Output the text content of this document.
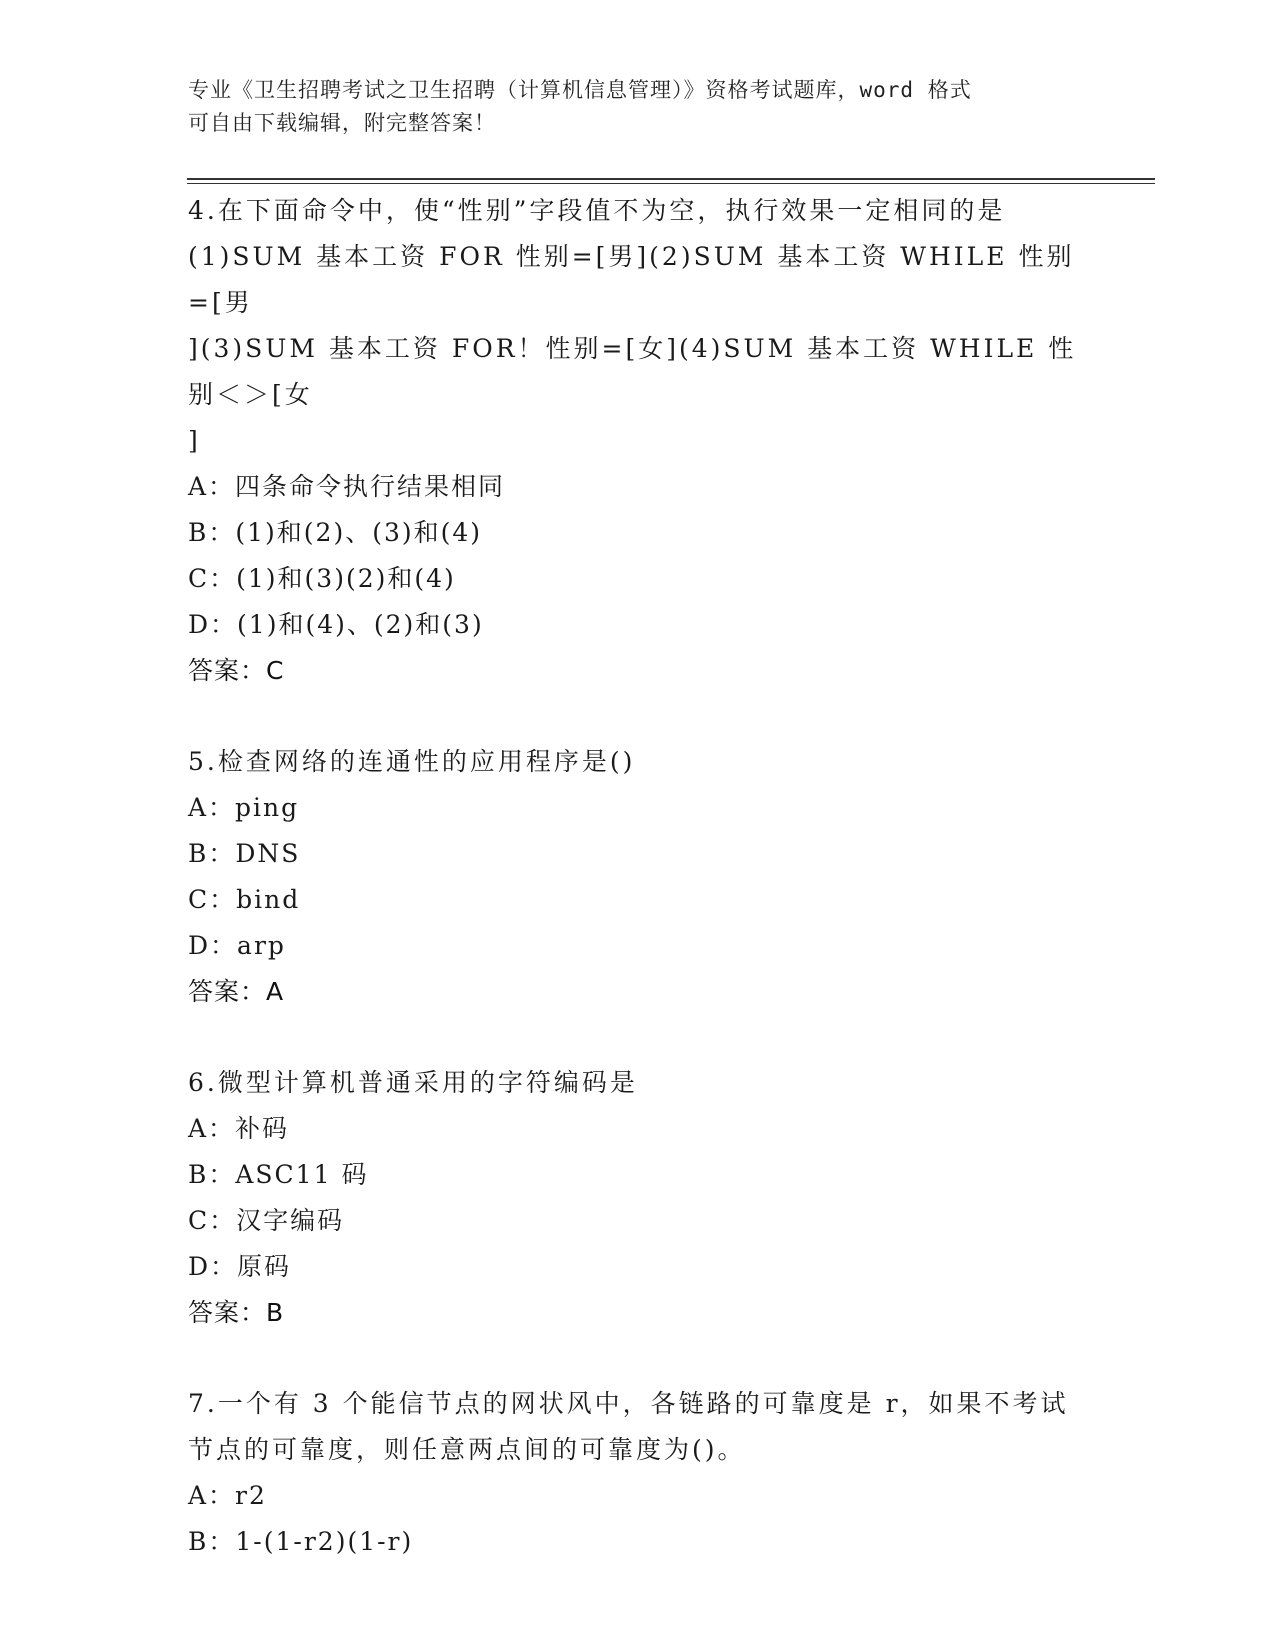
专业《卫生招聘考试之卫生招聘（计算机信息管理）》资格考试题库，word 格式
可自由下载编辑，附完整答案！
4.在下面命令中，使“性别”字段值不为空，执行效果一定相同的是
(1)SUM 基本工资 FOR 性别=[男](2)SUM 基本工资 WHILE 性别=[男
](3)SUM 基本工资 FOR！性别=[女](4)SUM 基本工资 WHILE 性别＜＞[女
]
A：四条命令执行结果相同
B：(1)和(2)、(3)和(4)
C：(1)和(3)(2)和(4)
D：(1)和(4)、(2)和(3)
答案：C
5.检查网络的连通性的应用程序是()
A：ping
B：DNS
C：bind
D：arp
答案：A
6.微型计算机普通采用的字符编码是
A：补码
B：ASC11 码
C：汉字编码
D：原码
答案：B
7.一个有 3 个能信节点的网状风中，各链路的可靠度是 r，如果不考试
节点的可靠度，则任意两点间的可靠度为()。
A：r2
B：1-(1-r2)(1-r)
